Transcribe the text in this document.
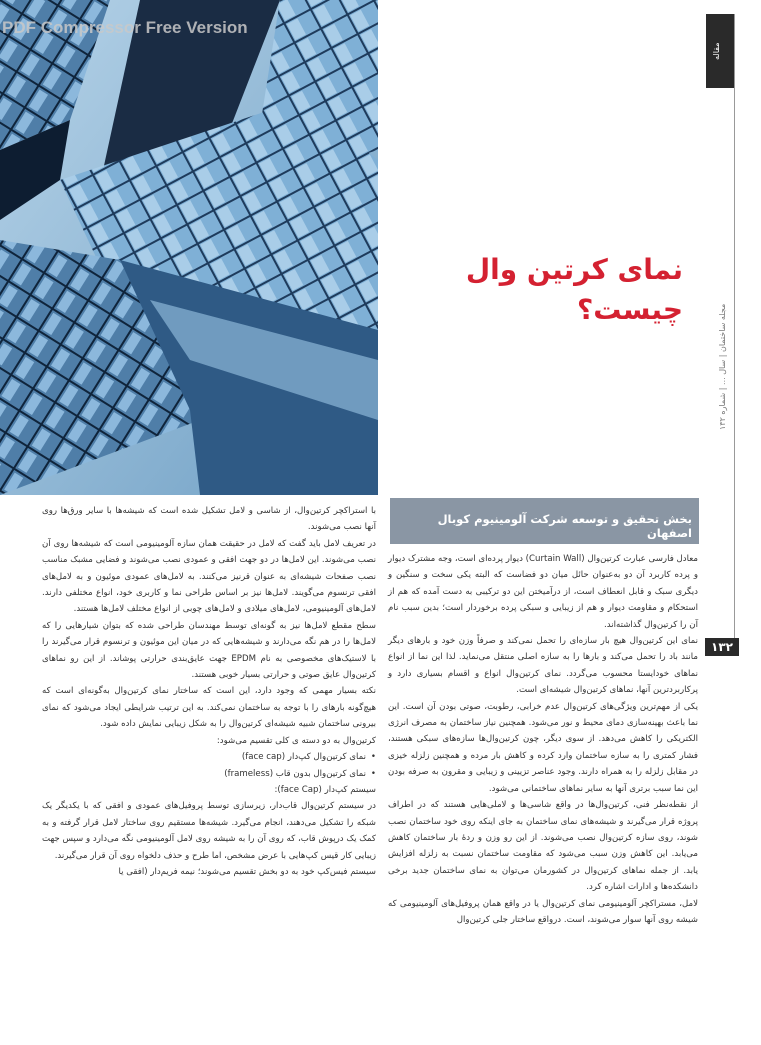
PDF Compressor Free Version
مقاله
مجله ساختمان | سال ... | شماره ۱۳۲
۱۳۲
نمای کرتین وال چیست؟
بخش تحقیق و توسعه شرکت آلومینیوم کوبال اصفهان

معادل فارسی عبارت کرتین‌وال (Curtain Wall) دیوار پرده‌ای است، وجه مشترک دیوار و پرده کاربرد آن دو به‌عنوان حائل میان دو فضاست که البته یکی سخت و سنگین و دیگری سبک و قابل انعطاف است، از درآمیختن این دو ترکیبی به دست آمده که هم از استحکام و مقاومت دیوار و هم از زیبایی و سبکی پرده برخوردار است؛ بدین سبب نام آن را کرتین‌وال گذاشته‌اند.

نمای این کرتین‌وال هیچ بار سازه‌ای را تحمل نمی‌کند و صرفاً وزن خود و بارهای دیگر مانند باد را تحمل می‌کند و بارها را به سازه اصلی منتقل می‌نماید. لذا این نما از انواع نماهای خودایستا محسوب می‌گردد. نمای کرتین‌وال انواع و اقسام بسیاری دارد و پرکاربردترین آنها، نماهای کرتین‌وال شیشه‌ای است.

یکی از مهم‌ترین ویژگی‌های کرتین‌وال عدم خرابی، رطوبت، صوتی بودن آن است. این نما باعث بهینه‌سازی دمای محیط و نور می‌شود. همچنین نیاز ساختمان به مصرف انرژی الکتریکی را کاهش می‌دهد. از سوی دیگر، چون کرتین‌وال‌ها سازه‌های سبکی هستند، فشار کمتری را به سازه ساختمان وارد کرده و کاهش بار مرده و همچنین زلزله خیزی در مقابل زلزله را به همراه دارند. وجود عناصر تزیینی و زیبایی و مقرون به صرفه بودن این نما سبب برتری آنها به سایر نماهای ساختمانی می‌شود.

از نقطه‌نظر فنی، کرتین‌وال‌ها در واقع شاسی‌ها و لاملی‌هایی هستند که در اطراف پروژه قرار می‌گیرند و شیشه‌های نمای ساختمان به جای اینکه روی خود ساختمان نصب شوند، روی سازه کرتین‌وال نصب می‌شوند. از این رو وزن و ردهٔ بار ساختمان کاهش می‌یابد. این کاهش وزن سبب می‌شود که مقاومت ساختمان نسبت به زلزله افزایش یابد. از جمله نماهای کرتین‌وال در کشورمان می‌توان به نمای ساختمان جدید برخی دانشکده‌ها و ادارات اشاره کرد.

لامل، مستراکچر آلومینیومی نمای کرتین‌وال یا در واقع همان پروفیل‌های آلومینیومی که شیشه روی آنها سوار می‌شوند، است. درواقع ساختار جلی کرتین‌وال

با استراکچر کرتین‌وال، از شاسی و لامل تشکیل شده است که شیشه‌ها با سایر ورق‌ها روی آنها نصب می‌شوند.

در تعریف لامل باید گفت که لامل در حقیقت همان سازه آلومینیومی است که شیشه‌ها روی آن نصب می‌شوند. این لامل‌ها در دو جهت افقی و عمودی نصب می‌شوند و فضایی مشبک مناسب نصب صفحات شیشه‌ای به عنوان قرنیز می‌کنند. به لامل‌های عمودی موئیون و به لامل‌های افقی ترنسوم می‌گویند. لامل‌ها نیز بر اساس طراحی نما و کاربری خود، انواع مختلفی دارند. لامل‌های آلومینیومی، لامل‌های میلادی و لامل‌های چوبی از انواع مختلف لامل‌ها هستند.

سطح مقطع لامل‌ها نیز به گونه‌ای توسط مهندسان طراحی شده که بتوان شیارهایی را که لامل‌ها را در هم نگه می‌دارند و شیشه‌هایی که در میان این موئیون و ترنسوم قرار می‌گیرند را با لاستیک‌های مخصوصی به نام EPDM جهت عایق‌بندی حرارتی پوشاند. از این رو نماهای کرتین‌وال عایق صوتی و حرارتی بسیار خوبی هستند.

نکته بسیار مهمی که وجود دارد، این است که ساختار نمای کرتین‌وال به‌گونه‌ای است که هیچ‌گونه بارهای را با توجه به ساختمان نمی‌کند. به این ترتیب شرایطی ایجاد می‌شود که نمای بیرونی ساختمان شبیه شیشه‌ای کرتین‌وال را به شکل زیبایی نمایش داده شود.

کرتین‌وال به دو دسته ی کلی تقسیم می‌شود:

• نمای کرتین‌وال کپ‌دار (face cap)

• نمای کرتین‌وال بدون قاب (frameless)

سیستم کپ‌دار (face Cap):

در سیستم کرتین‌وال قاب‌دار، زیرسازی توسط پروفیل‌های عمودی و افقی که با یکدیگر یک شبکه را تشکیل می‌دهند، انجام می‌گیرد. شیشه‌ها مستقیم روی ساختار لامل قرار گرفته و به کمک یک درپوش قاب، که روی آن را به شیشه روی لامل آلومینیومی نگه می‌دارد و سپس جهت زیبایی کار قیس کپ‌هایی با عرض مشخص، اما طرح و حذف دلخواه روی آن قرار می‌گیرند.

سیستم فیس‌کپ خود به دو بخش تقسیم می‌شوند؛ نیمه فریم‌دار (افقی یا
